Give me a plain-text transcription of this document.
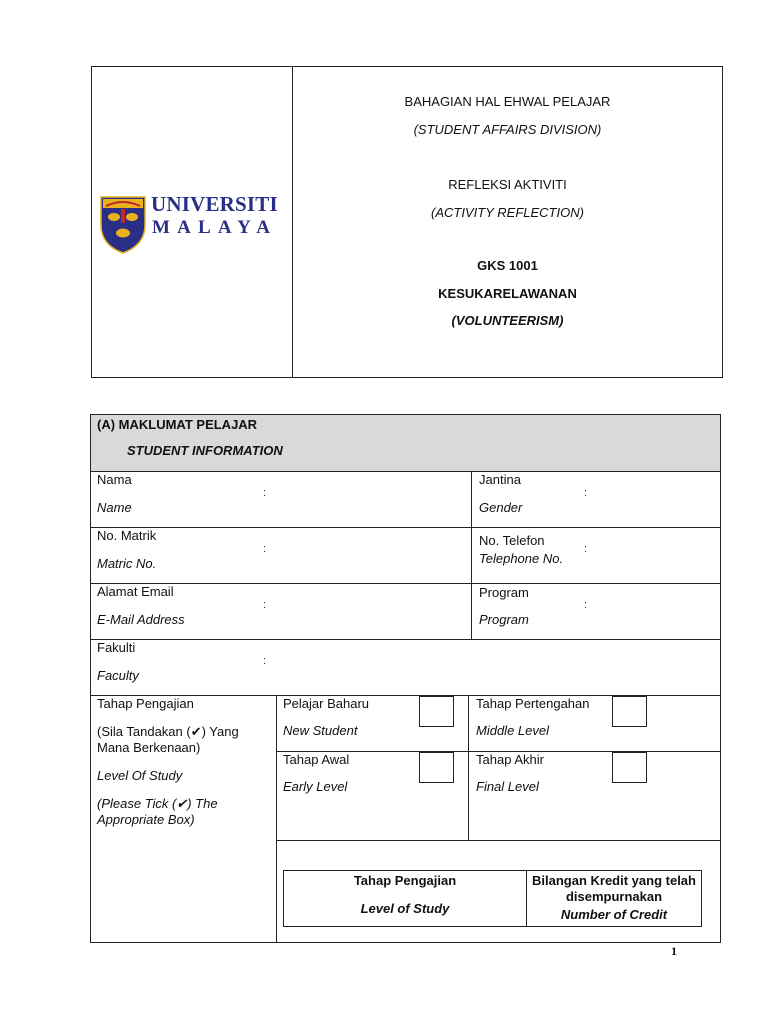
UNIVERSITI
MALAYA
BAHAGIAN HAL EHWAL PELAJAR
(STUDENT AFFAIRS DIVISION)
REFLEKSI AKTIVITI
(ACTIVITY REFLECTION)
GKS 1001
KESUKARELAWANAN
(VOLUNTEERISM)
(A) MAKLUMAT PELAJAR
STUDENT INFORMATION
Nama
Name
:
Jantina
Gender
:
No. Matrik
Matric No.
:
No. Telefon
Telephone No.
:
Alamat Email
E-Mail Address
:
Program
Program
:
Fakulti
Faculty
:
Tahap Pengajian
(Sila Tandakan (✔) Yang Mana Berkenaan)
Level Of Study
(Please Tick (✔) The Appropriate Box)
Pelajar Baharu
New Student
Tahap Pertengahan
Middle Level
Tahap Awal
Early Level
Tahap Akhir
Final Level
Tahap Pengajian
Level of Study
Bilangan Kredit yang telah disempurnakan
Number of Credit
1
